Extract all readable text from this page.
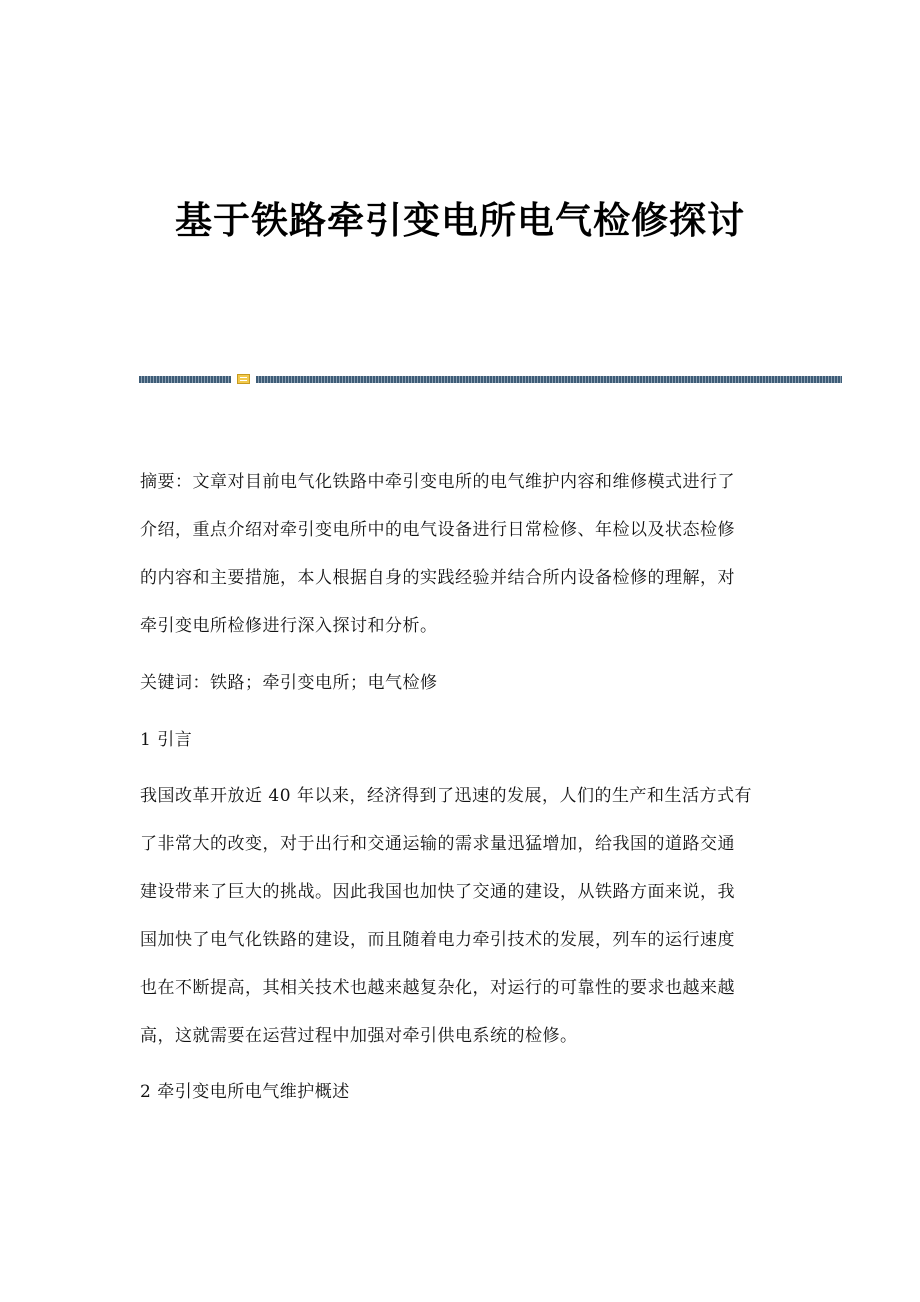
基于铁路牵引变电所电气检修探讨
摘要：文章对目前电气化铁路中牵引变电所的电气维护内容和维修模式进行了
介绍，重点介绍对牵引变电所中的电气设备进行日常检修、年检以及状态检修
的内容和主要措施，本人根据自身的实践经验并结合所内设备检修的理解，对
牵引变电所检修进行深入探讨和分析。
关键词：铁路；牵引变电所；电气检修
1 引言
我国改革开放近 40 年以来，经济得到了迅速的发展，人们的生产和生活方式有
了非常大的改变，对于出行和交通运输的需求量迅猛增加，给我国的道路交通
建设带来了巨大的挑战。因此我国也加快了交通的建设，从铁路方面来说，我
国加快了电气化铁路的建设，而且随着电力牵引技术的发展，列车的运行速度
也在不断提高，其相关技术也越来越复杂化，对运行的可靠性的要求也越来越
高，这就需要在运营过程中加强对牵引供电系统的检修。
2 牵引变电所电气维护概述
